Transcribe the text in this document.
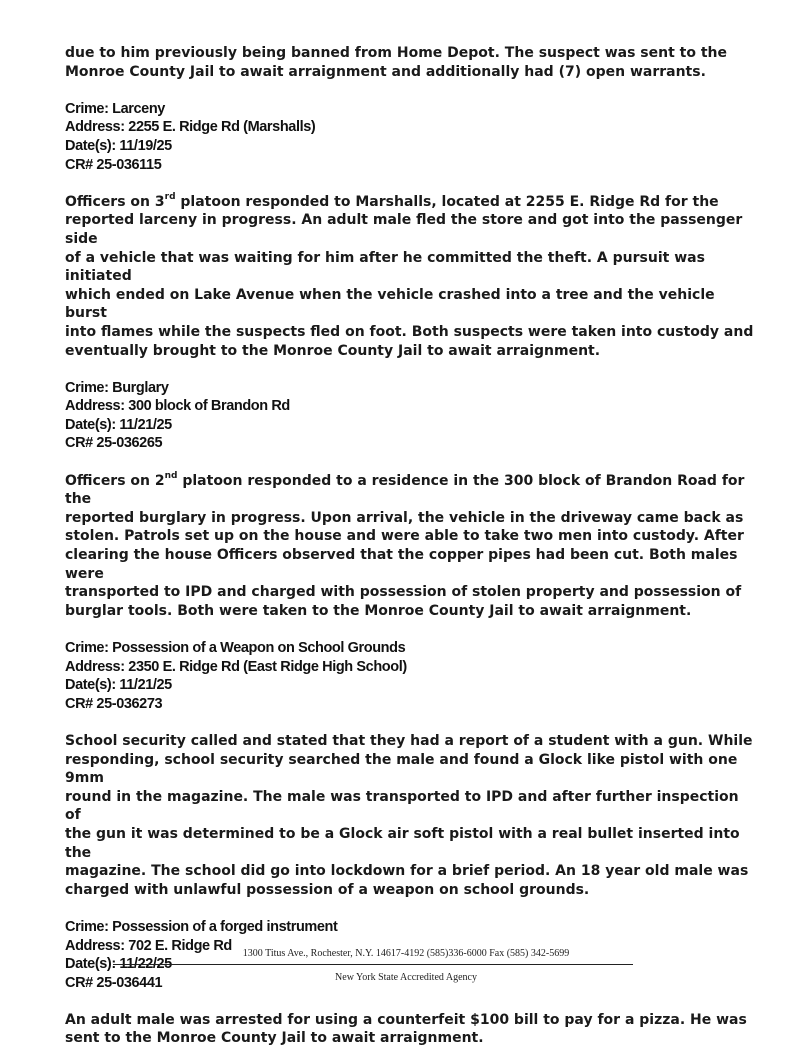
due to him previously being banned from Home Depot. The suspect was sent to the
Monroe County Jail to await arraignment and additionally had (7) open warrants.
Crime: Larceny
Address: 2255 E. Ridge Rd (Marshalls)
Date(s): 11/19/25
CR# 25-036115
Officers on 3rd platoon responded to Marshalls, located at 2255 E. Ridge Rd for the
reported larceny in progress. An adult male fled the store and got into the passenger side
of a vehicle that was waiting for him after he committed the theft. A pursuit was initiated
which ended on Lake Avenue when the vehicle crashed into a tree and the vehicle burst
into flames while the suspects fled on foot. Both suspects were taken into custody and
eventually brought to the Monroe County Jail to await arraignment.
Crime: Burglary
Address: 300 block of Brandon Rd
Date(s): 11/21/25
CR# 25-036265
Officers on 2nd platoon responded to a residence in the 300 block of Brandon Road for the
reported burglary in progress. Upon arrival, the vehicle in the driveway came back as
stolen. Patrols set up on the house and were able to take two men into custody. After
clearing the house Officers observed that the copper pipes had been cut. Both males were
transported to IPD and charged with possession of stolen property and possession of
burglar tools. Both were taken to the Monroe County Jail to await arraignment.
Crime: Possession of a Weapon on School Grounds
Address: 2350 E. Ridge Rd (East Ridge High School)
Date(s): 11/21/25
CR# 25-036273
School security called and stated that they had a report of a student with a gun. While
responding, school security searched the male and found a Glock like pistol with one 9mm
round in the magazine. The male was transported to IPD and after further inspection of
the gun it was determined to be a Glock air soft pistol with a real bullet inserted into the
magazine. The school did go into lockdown for a brief period. An 18 year old male was
charged with unlawful possession of a weapon on school grounds.
Crime: Possession of a forged instrument
Address: 702 E. Ridge Rd
Date(s): 11/22/25
CR# 25-036441
An adult male was arrested for using a counterfeit $100 bill to pay for a pizza. He was
sent to the Monroe County Jail to await arraignment.
1300 Titus Ave., Rochester, N.Y. 14617-4192 (585)336-6000 Fax (585) 342-5699
New York State Accredited Agency
